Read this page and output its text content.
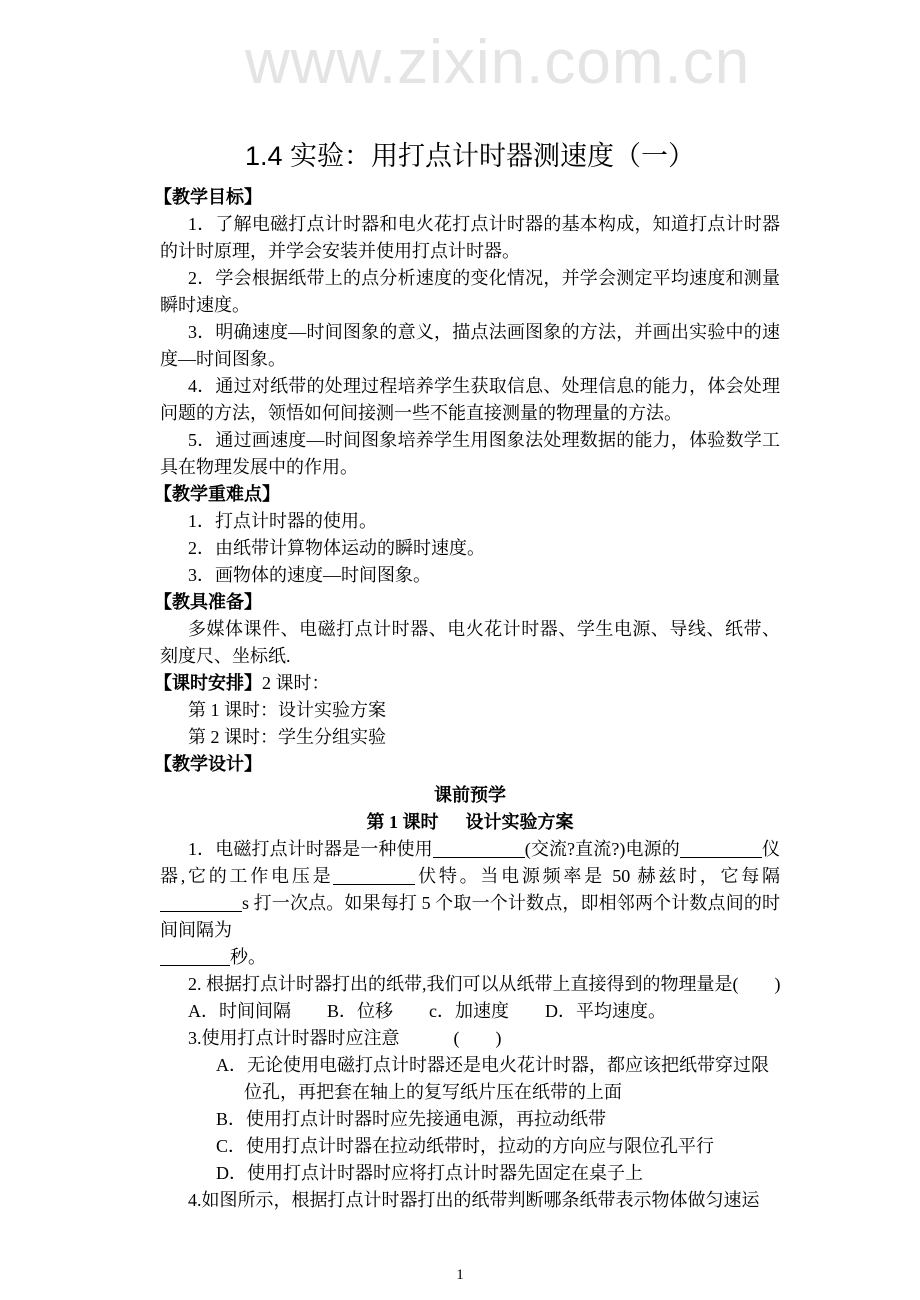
www.zixin.com.cn
1.4 实验：用打点计时器测速度（一）
【教学目标】

1．了解电磁打点计时器和电火花打点计时器的基本构成，知道打点计时器的计时原理，并学会安装并使用打点计时器。

2．学会根据纸带上的点分析速度的变化情况，并学会测定平均速度和测量瞬时速度。

3．明确速度—时间图象的意义，描点法画图象的方法，并画出实验中的速度—时间图象。

4．通过对纸带的处理过程培养学生获取信息、处理信息的能力，体会处理问题的方法，领悟如何间接测一些不能直接测量的物理量的方法。

5．通过画速度—时间图象培养学生用图象法处理数据的能力，体验数学工具在物理发展中的作用。

【教学重难点】

1．打点计时器的使用。

2．由纸带计算物体运动的瞬时速度。

3．画物体的速度—时间图象。

【教具准备】

多媒体课件、电磁打点计时器、电火花计时器、学生电源、导线、纸带、刻度尺、坐标纸.

【课时安排】2 课时：

第 1 课时：设计实验方案

第 2 课时：学生分组实验

【教学设计】
课前预学
第 1 课时　  设计实验方案

1．电磁打点计时器是一种使用	(交流?直流?)电源的	仪器,它的工作电压是	伏特。当电源频率是 50 赫兹时，它每隔s 打一次点。如果每打 5 个取一个计数点，即相邻两个计数点间的时间间隔为
秒。

2. 根据打点计时器打出的纸带,我们可以从纸带上直接得到的物理量是(　　)

A．时间间隔　　B．位移　　c．加速度　　D．平均速度。

3.使用打点计时器时应注意　　　(　　)

A．无论使用电磁打点计时器还是电火花计时器，都应该把纸带穿过限位孔，再把套在轴上的复写纸片压在纸带的上面

B．使用打点计时器时应先接通电源，再拉动纸带

C．使用打点计时器在拉动纸带时，拉动的方向应与限位孔平行

D．使用打点计时器时应将打点计时器先固定在桌子上

4.如图所示，根据打点计时器打出的纸带判断哪条纸带表示物体做匀速运

1
